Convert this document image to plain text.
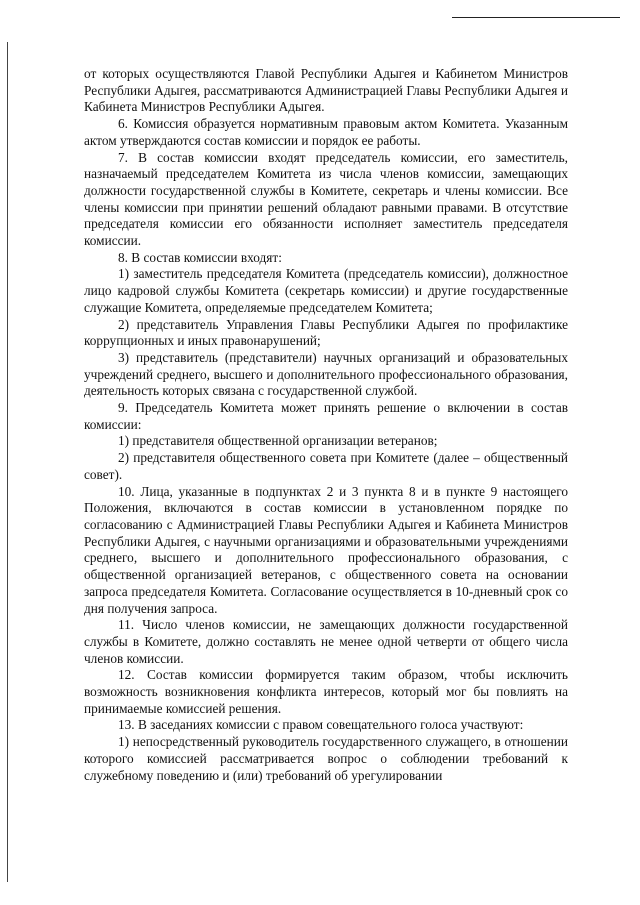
от которых осуществляются Главой Республики Адыгея и Кабинетом Министров Республики Адыгея, рассматриваются Администрацией Главы Республики Адыгея и Кабинета Министров Республики Адыгея.

6. Комиссия образуется нормативным правовым актом Комитета. Указанным актом утверждаются состав комиссии и порядок ее работы.

7. В состав комиссии входят председатель комиссии, его заместитель, назначаемый председателем Комитета из числа членов комиссии, замещающих должности государственной службы в Комитете, секретарь и члены комиссии. Все члены комиссии при принятии решений обладают равными правами. В отсутствие председателя комиссии его обязанности исполняет заместитель председателя комиссии.

8. В состав комиссии входят:

1) заместитель председателя Комитета (председатель комиссии), должностное лицо кадровой службы Комитета (секретарь комиссии) и другие государственные служащие Комитета, определяемые председателем Комитета;

2) представитель Управления Главы Республики Адыгея по профилактике коррупционных и иных правонарушений;

3) представитель (представители) научных организаций и образовательных учреждений среднего, высшего и дополнительного профессионального образования, деятельность которых связана с государственной службой.

9. Председатель Комитета может принять решение о включении в состав комиссии:

1) представителя общественной организации ветеранов;

2) представителя общественного совета при Комитете (далее – общественный совет).

10. Лица, указанные в подпунктах 2 и 3 пункта 8 и в пункте 9 настоящего Положения, включаются в состав комиссии в установленном порядке по согласованию с Администрацией Главы Республики Адыгея и Кабинета Министров Республики Адыгея, с научными организациями и образовательными учреждениями среднего, высшего и дополнительного профессионального образования, с общественной организацией ветеранов, с общественного совета на основании запроса председателя Комитета. Согласование осуществляется в 10-дневный срок со дня получения запроса.

11. Число членов комиссии, не замещающих должности государственной службы в Комитете, должно составлять не менее одной четверти от общего числа членов комиссии.

12. Состав комиссии формируется таким образом, чтобы исключить возможность возникновения конфликта интересов, который мог бы повлиять на принимаемые комиссией решения.

13. В заседаниях комиссии с правом совещательного голоса участвуют:

1) непосредственный руководитель государственного служащего, в отношении которого комиссией рассматривается вопрос о соблюдении требований к служебному поведению и (или) требований об урегулировании
